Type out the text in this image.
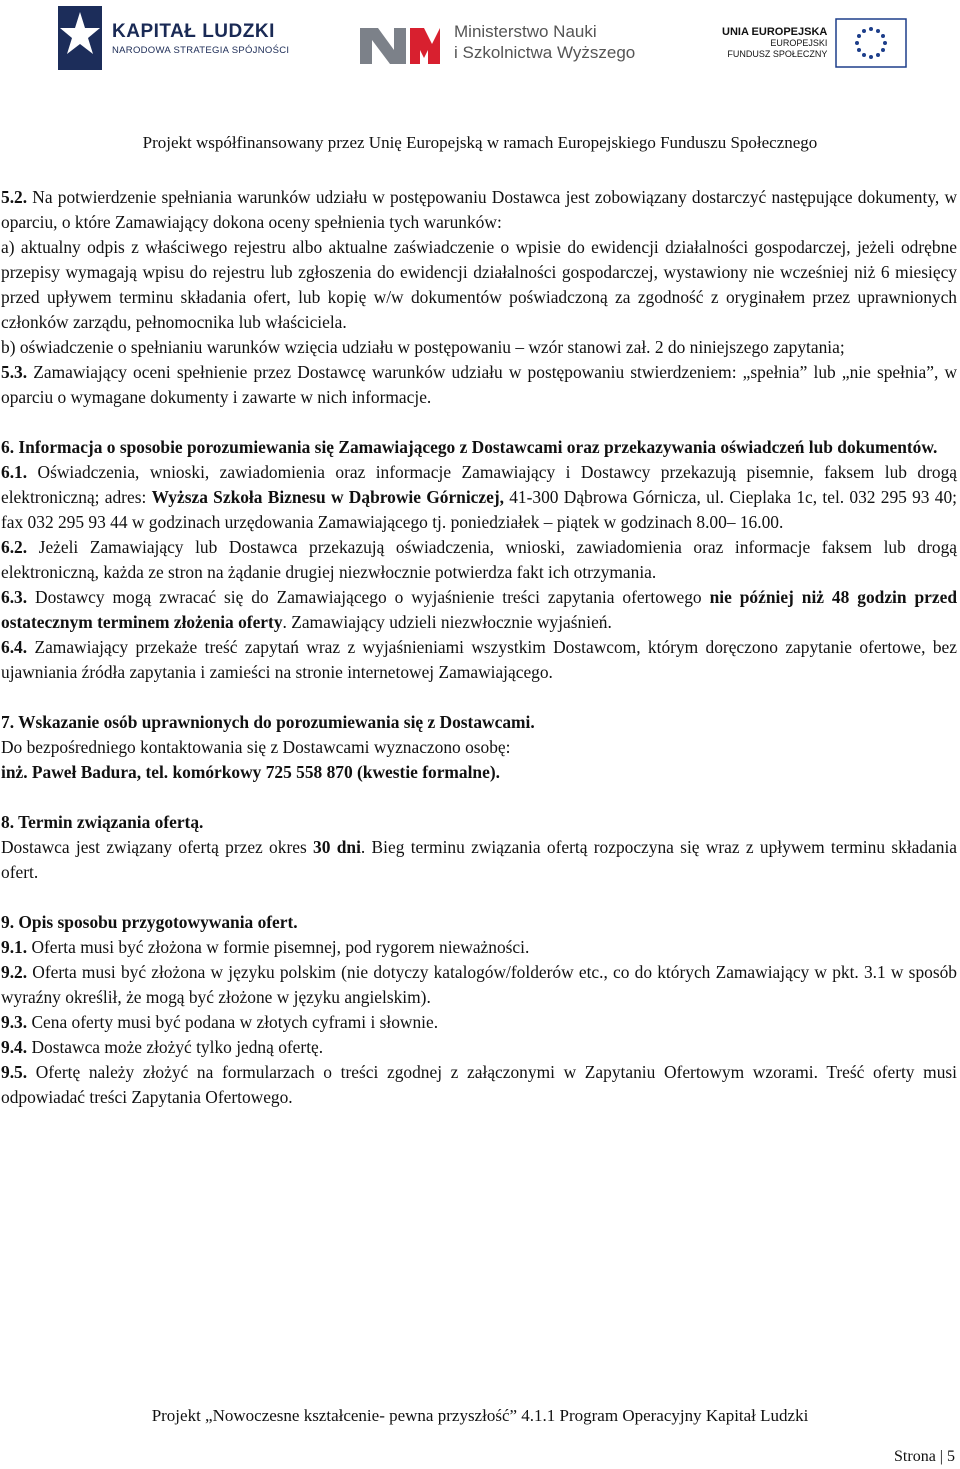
KAPITAŁ LUDZKI
NARODOWA STRATEGIA SPÓJNOŚCI
Ministerstwo Nauki
i Szkolnictwa Wyższego
UNIA EUROPEJSKA
EUROPEJSKI
FUNDUSZ SPOŁECZNY
Projekt współfinansowany przez Unię Europejską w ramach Europejskiego Funduszu Społecznego

5.2. Na potwierdzenie spełniania warunków udziału w postępowaniu Dostawca jest zobowiązany dostarczyć następujące dokumenty, w oparciu, o które Zamawiający dokona oceny spełnienia tych warunków:

a) aktualny odpis z właściwego rejestru albo aktualne zaświadczenie o wpisie do ewidencji działalności gospodarczej, jeżeli odrębne przepisy wymagają wpisu do rejestru lub zgłoszenia do ewidencji działalności gospodarczej, wystawiony nie wcześniej niż 6 miesięcy przed upływem terminu składania ofert, lub kopię w/w dokumentów poświadczoną za zgodność z oryginałem przez uprawnionych członków zarządu, pełnomocnika lub właściciela.

b) oświadczenie o spełnianiu warunków wzięcia udziału w postępowaniu – wzór stanowi zał. 2 do niniejszego zapytania;

5.3. Zamawiający oceni spełnienie przez Dostawcę warunków udziału w postępowaniu stwierdzeniem: „spełnia” lub „nie spełnia”, w oparciu o wymagane dokumenty i zawarte w nich informacje.

6. Informacja o sposobie porozumiewania się Zamawiającego z Dostawcami oraz przekazywania oświadczeń lub dokumentów.

6.1. Oświadczenia, wnioski, zawiadomienia oraz informacje Zamawiający i Dostawcy przekazują pisemnie, faksem lub drogą elektroniczną; adres: Wyższa Szkoła Biznesu w Dąbrowie Górniczej, 41-300 Dąbrowa Górnicza, ul. Cieplaka 1c, tel. 032 295 93 40; fax 032 295 93 44 w godzinach urzędowania Zamawiającego tj. poniedziałek – piątek w godzinach 8.00– 16.00.

6.2. Jeżeli Zamawiający lub Dostawca przekazują oświadczenia, wnioski, zawiadomienia oraz informacje faksem lub drogą elektroniczną, każda ze stron na żądanie drugiej niezwłocznie potwierdza fakt ich otrzymania.

6.3. Dostawcy mogą zwracać się do Zamawiającego o wyjaśnienie treści zapytania ofertowego nie później niż 48 godzin przed ostatecznym terminem złożenia oferty. Zamawiający udzieli niezwłocznie wyjaśnień.

6.4. Zamawiający przekaże treść zapytań wraz z wyjaśnieniami wszystkim Dostawcom, którym doręczono zapytanie ofertowe, bez ujawniania źródła zapytania i zamieści na stronie internetowej Zamawiającego.

7. Wskazanie osób uprawnionych do porozumiewania się z Dostawcami.

Do bezpośredniego kontaktowania się z Dostawcami wyznaczono osobę:

inż. Paweł Badura, tel. komórkowy 725 558 870 (kwestie formalne).

8. Termin związania ofertą.

Dostawca jest związany ofertą przez okres 30 dni. Bieg terminu związania ofertą rozpoczyna się wraz z upływem terminu składania ofert.

9. Opis sposobu przygotowywania ofert.

9.1. Oferta musi być złożona w formie pisemnej, pod rygorem nieważności.

9.2. Oferta musi być złożona w języku polskim (nie dotyczy katalogów/folderów etc., co do których Zamawiający w pkt. 3.1 w sposób wyraźny określił, że mogą być złożone w języku angielskim).

9.3. Cena oferty musi być podana w złotych cyframi i słownie.

9.4. Dostawca może złożyć tylko jedną ofertę.

9.5. Ofertę należy złożyć na formularzach o treści zgodnej z załączonymi w Zapytaniu Ofertowym wzorami. Treść oferty musi odpowiadać treści Zapytania Ofertowego.

Projekt „Nowoczesne kształcenie- pewna przyszłość” 4.1.1 Program Operacyjny Kapitał Ludzki
Strona | 5
